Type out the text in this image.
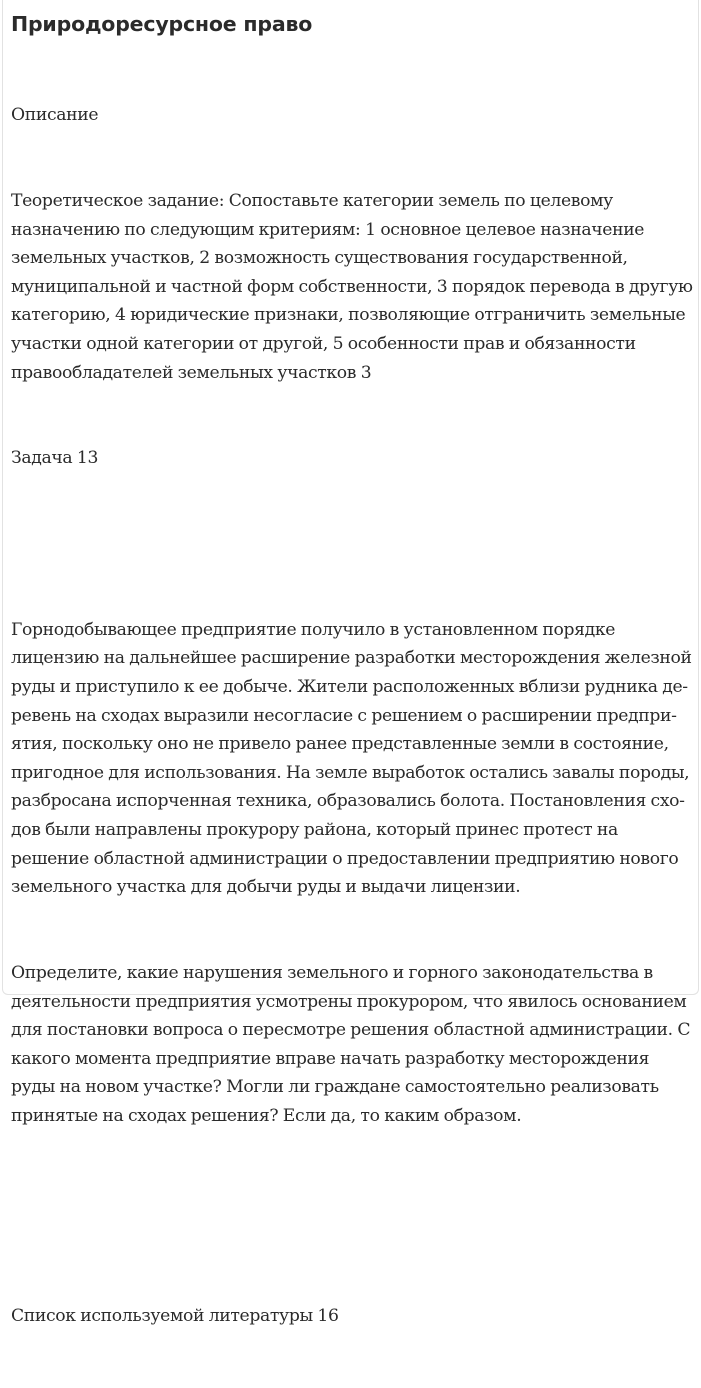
Природоресурсное право

Описание

Теоретическое задание: Сопоставьте категории земель по целевому назначению по следующим критериям: 1 основное целевое назначение земельных участков, 2 возможность существования государственной, муниципальной и частной форм собственности, 3 порядок перевода в другую категорию, 4 юридические признаки, позволяющие отграничить земельные участки одной категории от другой, 5 особенности прав и обязанности правообладателей земельных участков 3

Задача 13

Горнодобывающее предприятие получило в установленном порядке лицензию на дальнейшее расширение разработки месторождения железной руды и приступило к ее добыче. Жители расположенных вблизи рудника де-ревень на сходах выразили несогласие с решением о расширении предпри-ятия, поскольку оно не привело ранее представленные земли в состояние, пригодное для использования. На земле выработок остались завалы породы, разбросана испорченная техника, образовались болота. Постановления схо-дов были направлены прокурору района, который принес протест на решение областной администрации о предоставлении предприятию нового земельного участка для добычи руды и выдачи лицензии.

Определите, какие нарушения земельного и горного законодательства в деятельности предприятия усмотрены прокурором, что явилось основанием для постановки вопроса о пересмотре решения областной администрации. С какого момента предприятие вправе начать разработку месторождения руды на новом участке? Могли ли граждане самостоятельно реализовать принятые на сходах решения? Если да, то каким образом.

Список используемой литературы 16
